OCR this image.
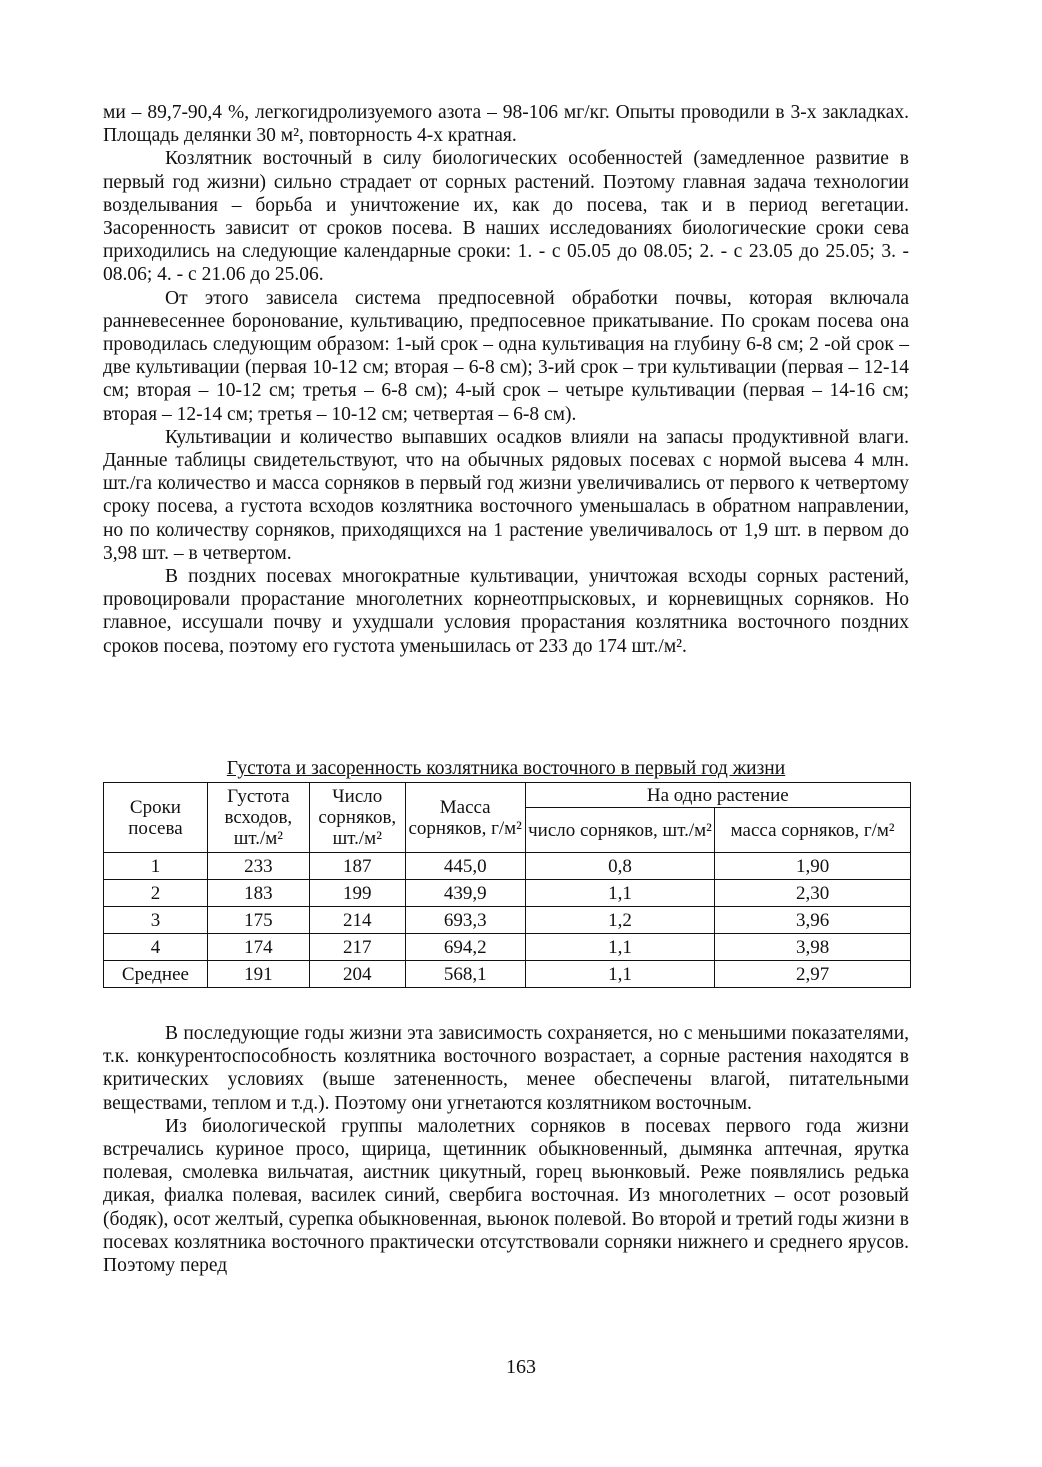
ми – 89,7-90,4 %, легкогидролизуемого азота – 98-106 мг/кг. Опыты проводили в 3-х закладках. Площадь делянки 30 м², повторность 4-х кратная.

Козлятник восточный в силу биологических особенностей (замедленное развитие в первый год жизни) сильно страдает от сорных растений. Поэтому главная задача технологии возделывания – борьба и уничтожение их, как до посева, так и в период вегетации. Засоренность зависит от сроков посева. В наших исследованиях биологические сроки сева приходились на следующие календарные сроки: 1. - с 05.05 до 08.05; 2. - с 23.05 до 25.05; 3. - 08.06; 4. - с 21.06 до 25.06.

От этого зависела система предпосевной обработки почвы, которая включала ранневесеннее боронование, культивацию, предпосевное прикатывание. По срокам посева она проводилась следующим образом: 1-ый срок – одна культивация на глубину 6-8 см; 2 -ой срок – две культивации (первая 10-12 см; вторая – 6-8 см); 3-ий срок – три культивации (первая – 12-14 см; вторая – 10-12 см; третья – 6-8 см); 4-ый срок – четыре культивации (первая – 14-16 см; вторая – 12-14 см; третья – 10-12 см; четвертая – 6-8 см).

Культивации и количество выпавших осадков влияли на запасы продуктивной влаги. Данные таблицы свидетельствуют, что на обычных рядовых посевах с нормой высева 4 млн. шт./га количество и масса сорняков в первый год жизни увеличивались от первого к четвертому сроку посева, а густота всходов козлятника восточного уменьшалась в обратном направлении, но по количеству сорняков, приходящихся на 1 растение увеличивалось от 1,9 шт. в первом до 3,98 шт. – в четвертом.

В поздних посевах многократные культивации, уничтожая всходы сорных растений, провоцировали прорастание многолетних корнеотпрысковых, и корневищных сорняков. Но главное, иссушали почву и ухудшали условия прорастания козлятника восточного поздних сроков посева, поэтому его густота уменьшилась от 233 до 174 шт./м².

Густота и засоренность козлятника восточного в первый год жизни
Сроки посева	Густота всходов, шт./м²	Число сорняков, шт./м²	Масса сорняков, г/м²	На одно растение	
				число сорняков, шт./м²	масса сорняков, г/м²
1	233	187	445,0	0,8	1,90
2	183	199	439,9	1,1	2,30
3	175	214	693,3	1,2	3,96
4	174	217	694,2	1,1	3,98
Среднее	191	204	568,1	1,1	2,97

В последующие годы жизни эта зависимость сохраняется, но с меньшими показателями, т.к. конкурентоспособность козлятника восточного возрастает, а сорные растения находятся в критических условиях (выше затененность, менее обеспечены влагой, питательными веществами, теплом и т.д.). Поэтому они угнетаются козлятником восточным.

Из биологической группы малолетних сорняков в посевах первого года жизни встречались куриное просо, щирица, щетинник обыкновенный, дымянка аптечная, ярутка полевая, смолевка вильчатая, аистник цикутный, горец вьюнковый. Реже появлялись редька дикая, фиалка полевая, василек синий, свербига восточная. Из многолетних – осот розовый (бодяк), осот желтый, сурепка обыкновенная, вьюнок полевой. Во второй и третий годы жизни в посевах козлятника восточного практически отсутствовали сорняки нижнего и среднего ярусов. Поэтому перед

163
